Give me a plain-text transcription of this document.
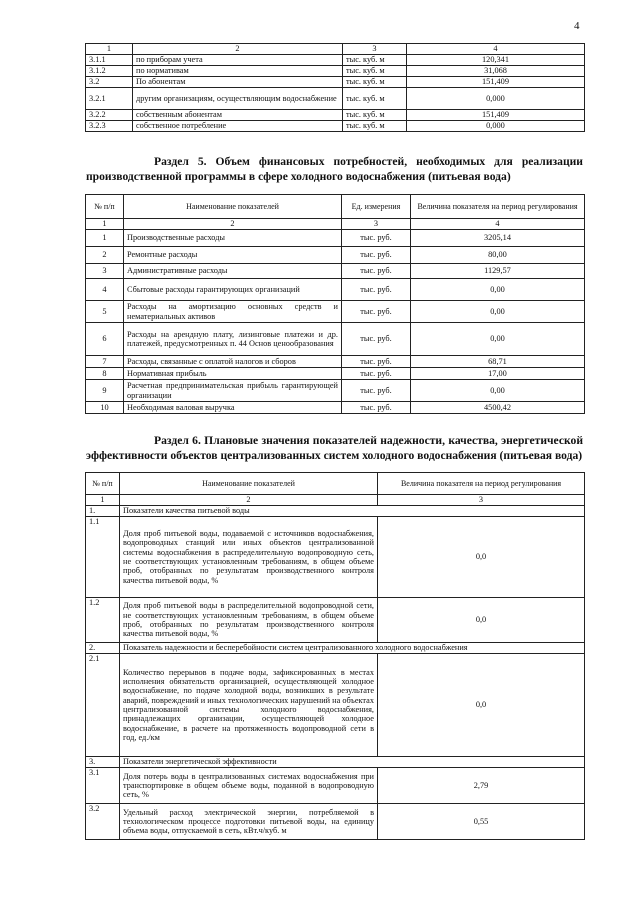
4
1	2	3	4
3.1.1	по приборам учета	тыс. куб. м	120,341
3.1.2	по нормативам	тыс. куб. м	31,068
3.2	По абонентам	тыс. куб. м	151,409
3.2.1	другим организациям, осуществляющим водоснабжение	тыс. куб. м	0,000
3.2.2	собственным абонентам	тыс. куб. м	151,409
3.2.3	собственное потребление	тыс. куб. м	0,000
Раздел 5. Объем финансовых потребностей, необходимых для реализации производственной программы в сфере холодного водоснабжения (питьевая вода)
№ п/п	Наименование показателей	Ед. измерения	Величина показателя на период регулирования
1	2	3	4
1	Производственные расходы	тыс. руб.	3205,14
2	Ремонтные расходы	тыс. руб.	80,00
3	Административные расходы	тыс. руб.	1129,57
4	Сбытовые расходы гарантирующих организаций	тыс. руб.	0,00
5	Расходы на амортизацию основных средств и нематериальных активов	тыс. руб.	0,00
6	Расходы на арендную плату, лизинговые платежи и др. платежей, предусмотренных п. 44 Основ ценообразования	тыс. руб.	0,00
7	Расходы, связанные с оплатой налогов и сборов	тыс. руб.	68,71
8	Нормативная прибыль	тыс. руб.	17,00
9	Расчетная предпринимательская прибыль гарантирующей организации	тыс. руб.	0,00
10	Необходимая валовая выручка	тыс. руб.	4500,42
Раздел 6. Плановые значения показателей надежности, качества, энергетической эффективности объектов централизованных систем холодного водоснабжения (питьевая вода)
№ п/п	Наименование показателей	Величина показателя на период регулирования
1	2	3
1.	Показатели качества питьевой воды	
1.1	Доля проб питьевой воды, подаваемой с источников водоснабжения, водопроводных станций или иных объектов централизованной системы водоснабжения в распределительную водопроводную сеть, не соответствующих установленным требованиям, в общем объеме проб, отобранных по результатам производственного контроля качества питьевой воды, %	0,0
1.2	Доля проб питьевой воды в распределительной водопроводной сети, не соответствующих установленным требованиям, в общем объеме проб, отобранных по результатам производственного контроля качества питьевой воды, %	0,0
2.	Показатель надежности и бесперебойности систем централизованного холодного водоснабжения	
2.1	Количество перерывов в подаче воды, зафиксированных в местах исполнения обязательств организацией, осуществляющей холодное водоснабжение, по подаче холодной воды, возникших в результате аварий, повреждений и иных технологических нарушений на объектах централизованной системы холодного водоснабжения, принадлежащих организации, осуществляющей холодное водоснабжение, в расчете на протяженность водопроводной сети в год, ед./км	0,0
3.	Показатели энергетической эффективности	
3.1	Доля потерь воды в централизованных системах водоснабжения при транспортировке в общем объеме воды, поданной в водопроводную сеть, %	2,79
3.2	Удельный расход электрической энергии, потребляемой в технологическом процессе подготовки питьевой воды, на единицу объема воды, отпускаемой в сеть, кВт.ч/куб. м	0,55
